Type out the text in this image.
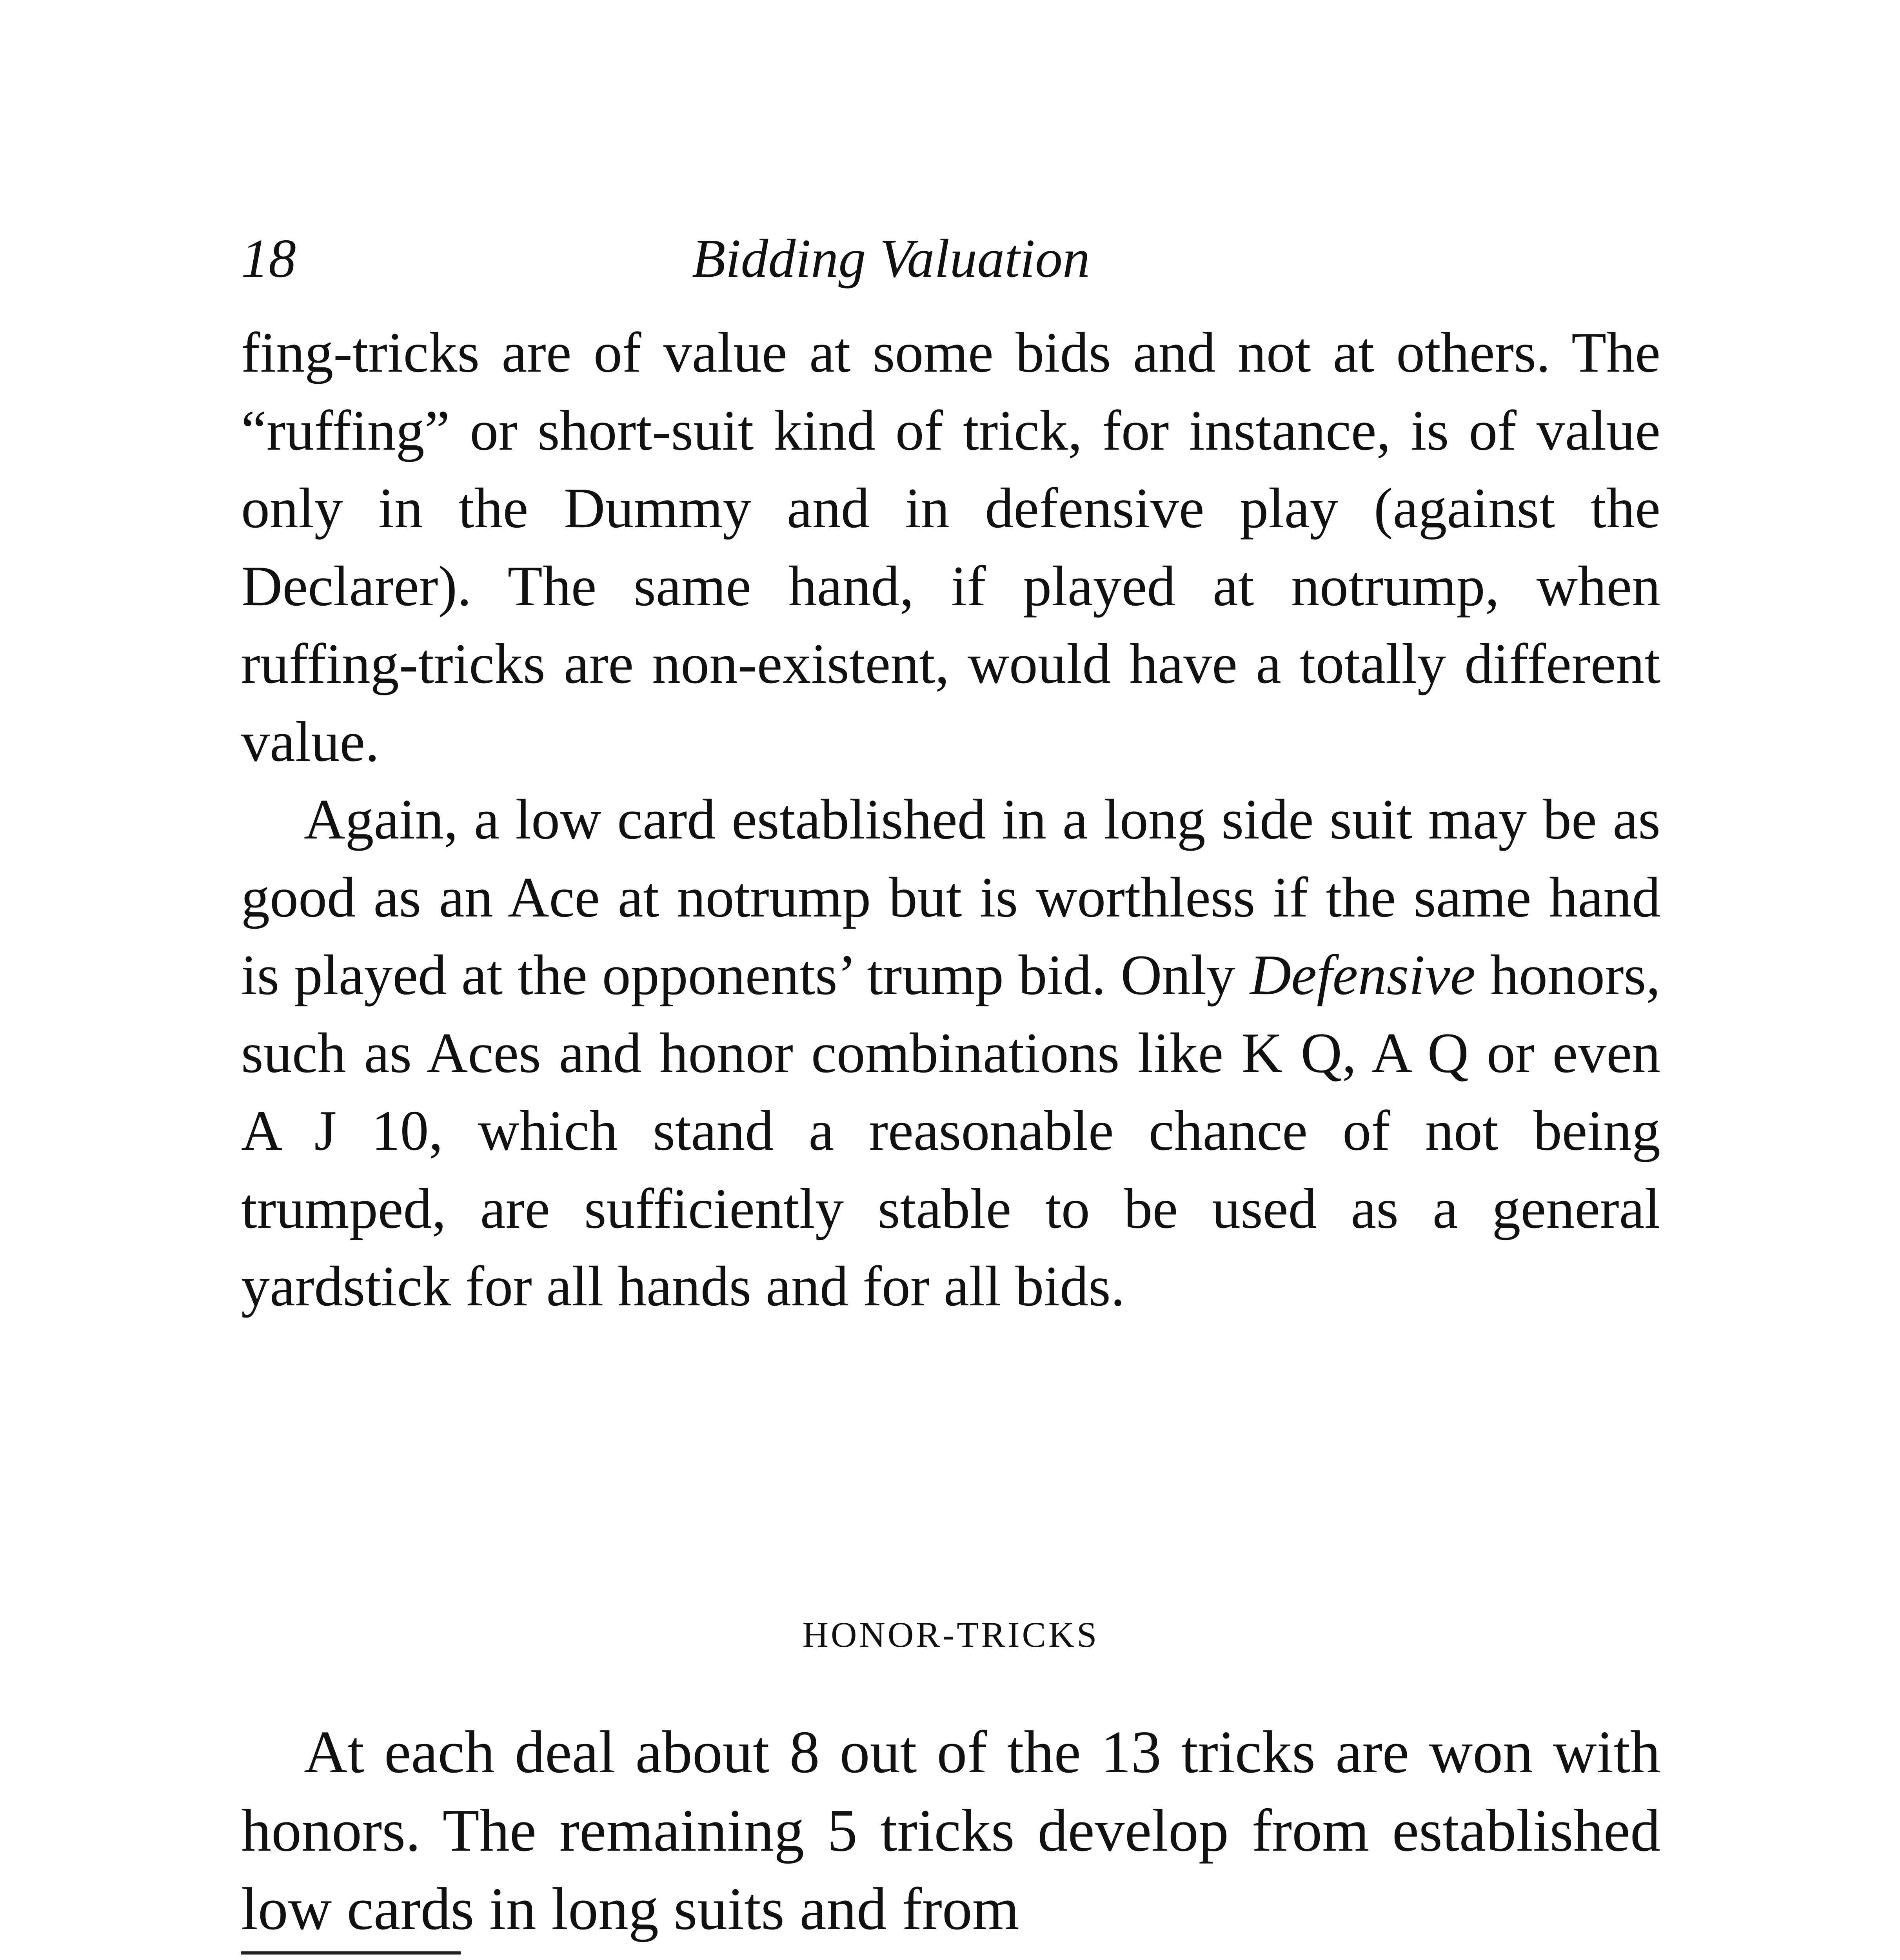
18	Bidding Valuation

fing-tricks are of value at some bids and not at others. The “ruffing” or short-suit kind of trick, for instance, is of value only in the Dummy and in defensive play (against the Declarer). The same hand, if played at notrump, when ruffing-tricks are non-existent, would have a totally different value.

Again, a low card established in a long side suit may be as good as an Ace at notrump but is worthless if the same hand is played at the opponents’ trump bid. Only Defensive honors, such as Aces and honor combinations like K Q, A Q or even A J 10, which stand a reasonable chance of not being trumped, are sufficiently stable to be used as a general yardstick for all hands and for all bids.

HONOR-TRICKS

At each deal about 8 out of the 13 tricks are won with honors. The remaining 5 tricks develop from established low cards in long suits and from
